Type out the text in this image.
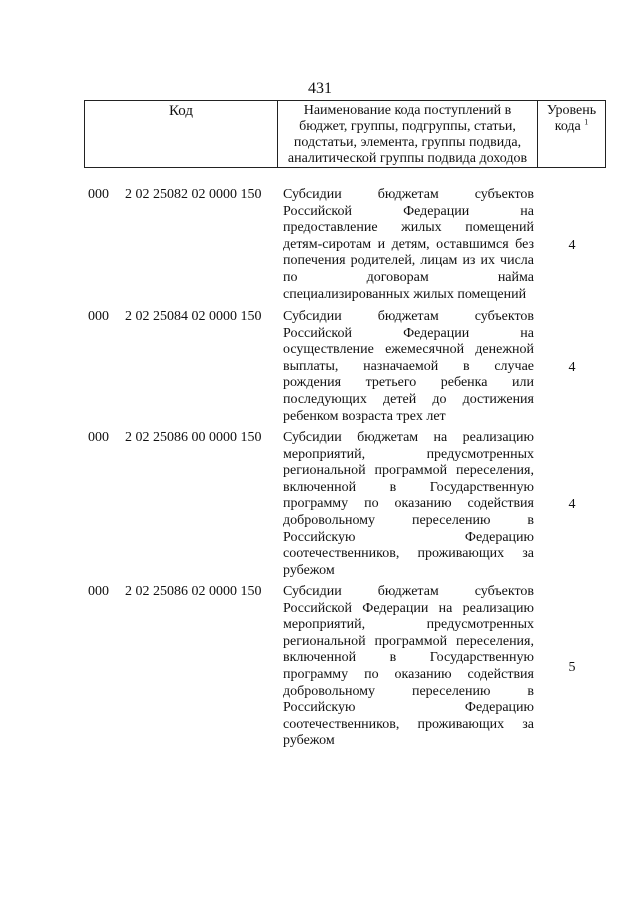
431
Код	Наименование кода поступлений в
бюджет, группы, подгруппы, статьи,
подстатьи, элемента, группы подвида,
аналитической группы подвида доходов
Уровень
кода $^1$
000 2 02 25082 02 0000 150 Субсидии бюджетам субъектов
Российской Федерации на
предоставление жилых помещений
детям-сиротам и детям, оставшимся без
попечения родителей, лицам из их числа
по договорам найма
специализированных жилых помещений
4
000 2 02 25084 02 0000 150 Субсидии бюджетам субъектов
Российской Федерации на
осуществление ежемесячной денежной
выплаты, назначаемой в случае
рождения третьего ребенка или
последующих детей до достижения
ребенком возраста трех лет
4
000 2 02 25086 00 0000 150 Субсидии бюджетам на реализацию
мероприятий, предусмотренных
региональной программой переселения,
включенной в Государственную
программу по оказанию содействия
добровольному переселению в
Российскую Федерацию
соотечественников, проживающих за
рубежом
4
000 2 02 25086 02 0000 150 Субсидии бюджетам субъектов
Российской Федерации на реализацию
мероприятий, предусмотренных
региональной программой переселения,
включенной в Государственную
программу по оказанию содействия
добровольному переселению в
Российскую Федерацию
соотечественников, проживающих за
рубежом
5
